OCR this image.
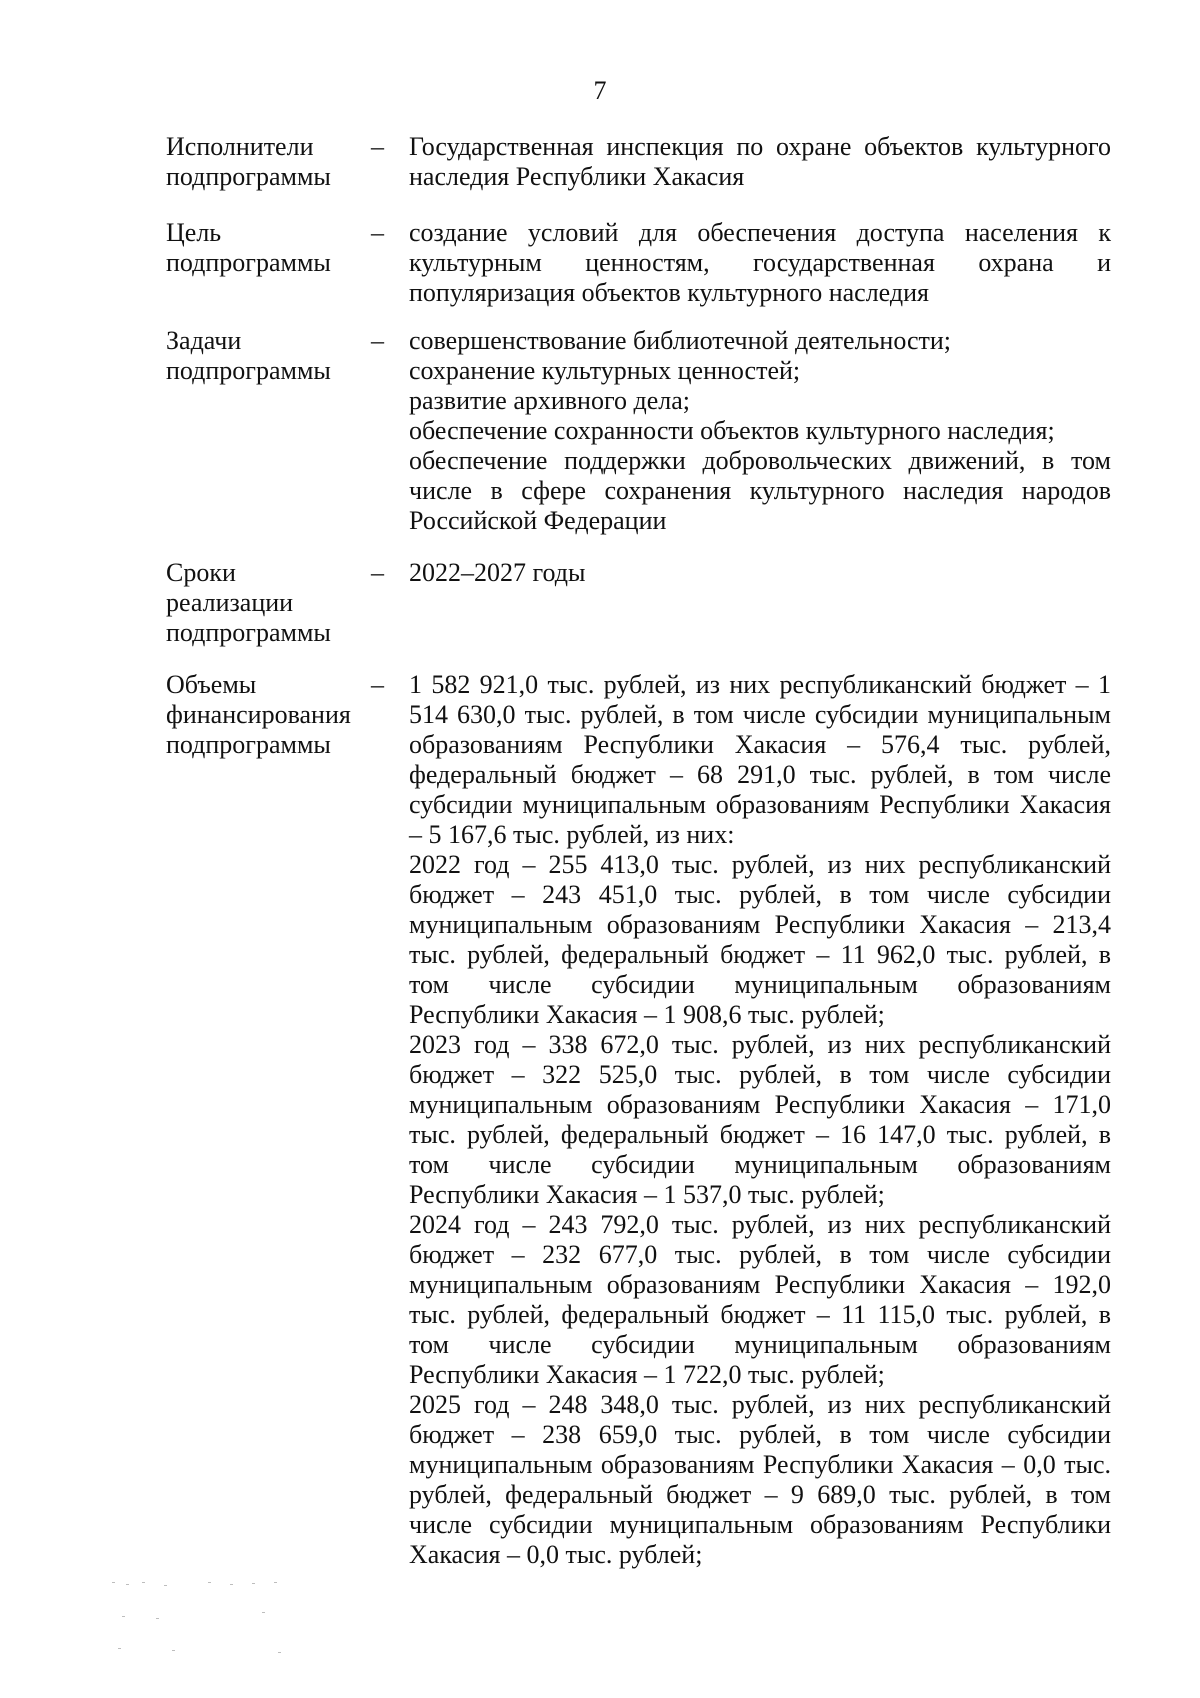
7
Исполнители
подпрограммы
– Государственная инспекция по охране объектов культурного наследия Республики Хакасия

Цель
подпрограммы
– создание условий для обеспечения доступа населения к культурным ценностям, государственная охрана и популяризация объектов культурного наследия

Задачи
подпрограммы
– совершенствование библиотечной деятельности;

сохранение культурных ценностей;

развитие архивного дела;

обеспечение сохранности объектов культурного наследия;

обеспечение поддержки добровольческих движений, в том числе в сфере сохранения культурного наследия народов Российской Федерации

Сроки
реализации
подпрограммы
– 2022–2027 годы

Объемы
финансирования
подпрограммы
– 1 582 921,0 тыс. рублей, из них республиканский бюджет – 1 514 630,0 тыс. рублей, в том числе субсидии муниципальным образованиям Республики Хакасия – 576,4 тыс. рублей, федеральный бюджет – 68 291,0 тыс. рублей, в том числе субсидии муниципальным образованиям Республики Хакасия – 5 167,6 тыс. рублей, из них:

2022 год – 255 413,0 тыс. рублей, из них республиканский бюджет – 243 451,0 тыс. рублей, в том числе субсидии муниципальным образованиям Республики Хакасия – 213,4 тыс. рублей, федеральный бюджет – 11 962,0 тыс. рублей, в том числе субсидии муниципальным образованиям Республики Хакасия – 1 908,6 тыс. рублей;

2023 год – 338 672,0 тыс. рублей, из них республиканский бюджет – 322 525,0 тыс. рублей, в том числе субсидии муниципальным образованиям Республики Хакасия – 171,0 тыс. рублей, федеральный бюджет – 16 147,0 тыс. рублей, в том числе субсидии муниципальным образованиям Республики Хакасия – 1 537,0 тыс. рублей;

2024 год – 243 792,0 тыс. рублей, из них республиканский бюджет – 232 677,0 тыс. рублей, в том числе субсидии муниципальным образованиям Республики Хакасия – 192,0 тыс. рублей, федеральный бюджет – 11 115,0 тыс. рублей, в том числе субсидии муниципальным образованиям Республики Хакасия – 1 722,0 тыс. рублей;

2025 год – 248 348,0 тыс. рублей, из них республиканский бюджет – 238 659,0 тыс. рублей, в том числе субсидии муниципальным образованиям Республики Хакасия – 0,0 тыс. рублей, федеральный бюджет – 9 689,0 тыс. рублей, в том числе субсидии муниципальным образованиям Республики Хакасия – 0,0 тыс. рублей;
